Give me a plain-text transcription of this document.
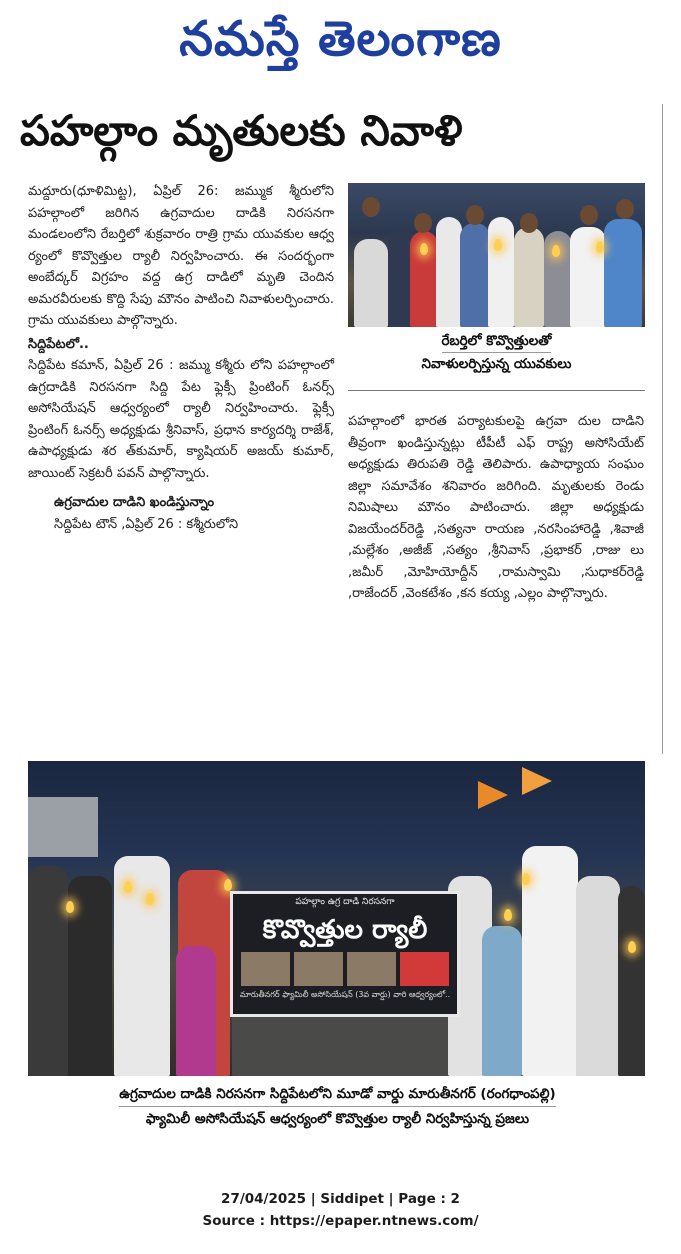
నమస్తే తెలంగాణ
పహల్గాం మృతులకు నివాళి

మద్దూరు(ధూళిమిట్ట), ఏప్రిల్ 26: జమ్ముక శ్మీరులోని పహల్గాంలో జరిగిన ఉగ్రవాదుల దాడికి నిరసనగా మండలంలోని రేబర్తిలో శుక్రవారం రాత్రి గ్రామ యువకుల ఆధ్వ ర్యంలో కొవ్వొత్తుల ర్యాలీ నిర్వహించారు. ఈ సందర్భంగా అంబేద్కర్ విగ్రహం వద్ద ఉగ్ర దాడిలో మృతి చెందిన అమరవీరులకు కొద్ది సేపు మౌనం పాటించి నివాళులర్పించారు. గ్రామ యువకులు పాల్గొన్నారు.

సిద్దిపేటలో..

సిద్దిపేట కమాన్, ఏప్రిల్ 26 : జమ్ము కశ్మీరు లోని పహల్గాంలో ఉగ్రదాడికి నిరసనగా సిద్ది పేట ఫ్లెక్సీ ప్రింటింగ్ ఓనర్స్ అసోసియేషన్ ఆధ్వర్యంలో ర్యాలీ నిర్వహించారు. ఫ్లెక్సీ ప్రింటింగ్ ఓనర్స్ అధ్యక్షుడు శ్రీనివాస్, ప్రధాన కార్యదర్శి రాజేశ్, ఉపాధ్యక్షుడు శర త్‌కుమార్, క్యాషియర్ అజయ్ కుమార్, జాయింట్ సెక్రటరీ పవన్ పాల్గొన్నారు.

ఉగ్రవాదుల దాడిని ఖండిస్తున్నాం

సిద్దిపేట టౌన్ ,ఏప్రిల్ 26 : కశ్మీరులోని

రేబర్తిలో కొవ్వొత్తులతో
నివాళులర్పిస్తున్న యువకులు

పహల్గాంలో భారత పర్యాటకులపై ఉగ్రవా దుల దాడిని తీవ్రంగా ఖండిస్తున్నట్లు టీపీటీ ఎఫ్ రాష్ట్ర అసోసియేట్ అధ్యక్షుడు తిరుపతి రెడ్డి తెలిపారు. ఉపాధ్యాయ సంఘం జిల్లా సమావేశం శనివారం జరిగింది. మృతులకు రెండు నిమిషాలు మౌనం పాటించారు. జిల్లా అధ్యక్షుడు విజయేందర్‌రెడ్డి ,సత్యనా రాయణ ,నరసింహారెడ్డి ,శివాజీ ,మల్లేశం ,అజీజ్ ,సత్యం ,శ్రీనివాస్ ,ప్రభాకర్ ,రాజు లు ,జమీర్ ,మోహియోద్దీన్ ,రామస్వామి ,సుధాకర్‌రెడ్డి ,రాజేందర్ ,వెంకటేశం ,కన కయ్య ,ఎల్లం పాల్గొన్నారు.

పహల్గాం ఉగ్ర దాడి నిరసనగా
కొవ్వొత్తుల ర్యాలీ
మారుతీనగర్ ఫ్యామిలీ అసోసియేషన్ (3వ వార్డు) వారి ఆధ్వర్యంలో..
ఉగ్రవాదుల దాడికి నిరసనగా సిద్దిపేటలోని మూడో వార్డు మారుతీనగర్ (రంగధాంపల్లి)
ఫ్యామిలీ అసోసియేషన్ ఆధ్వర్యంలో కొవ్వొత్తుల ర్యాలీ నిర్వహిస్తున్న ప్రజలు
27/04/2025 | Siddipet | Page : 2
Source : https://epaper.ntnews.com/
